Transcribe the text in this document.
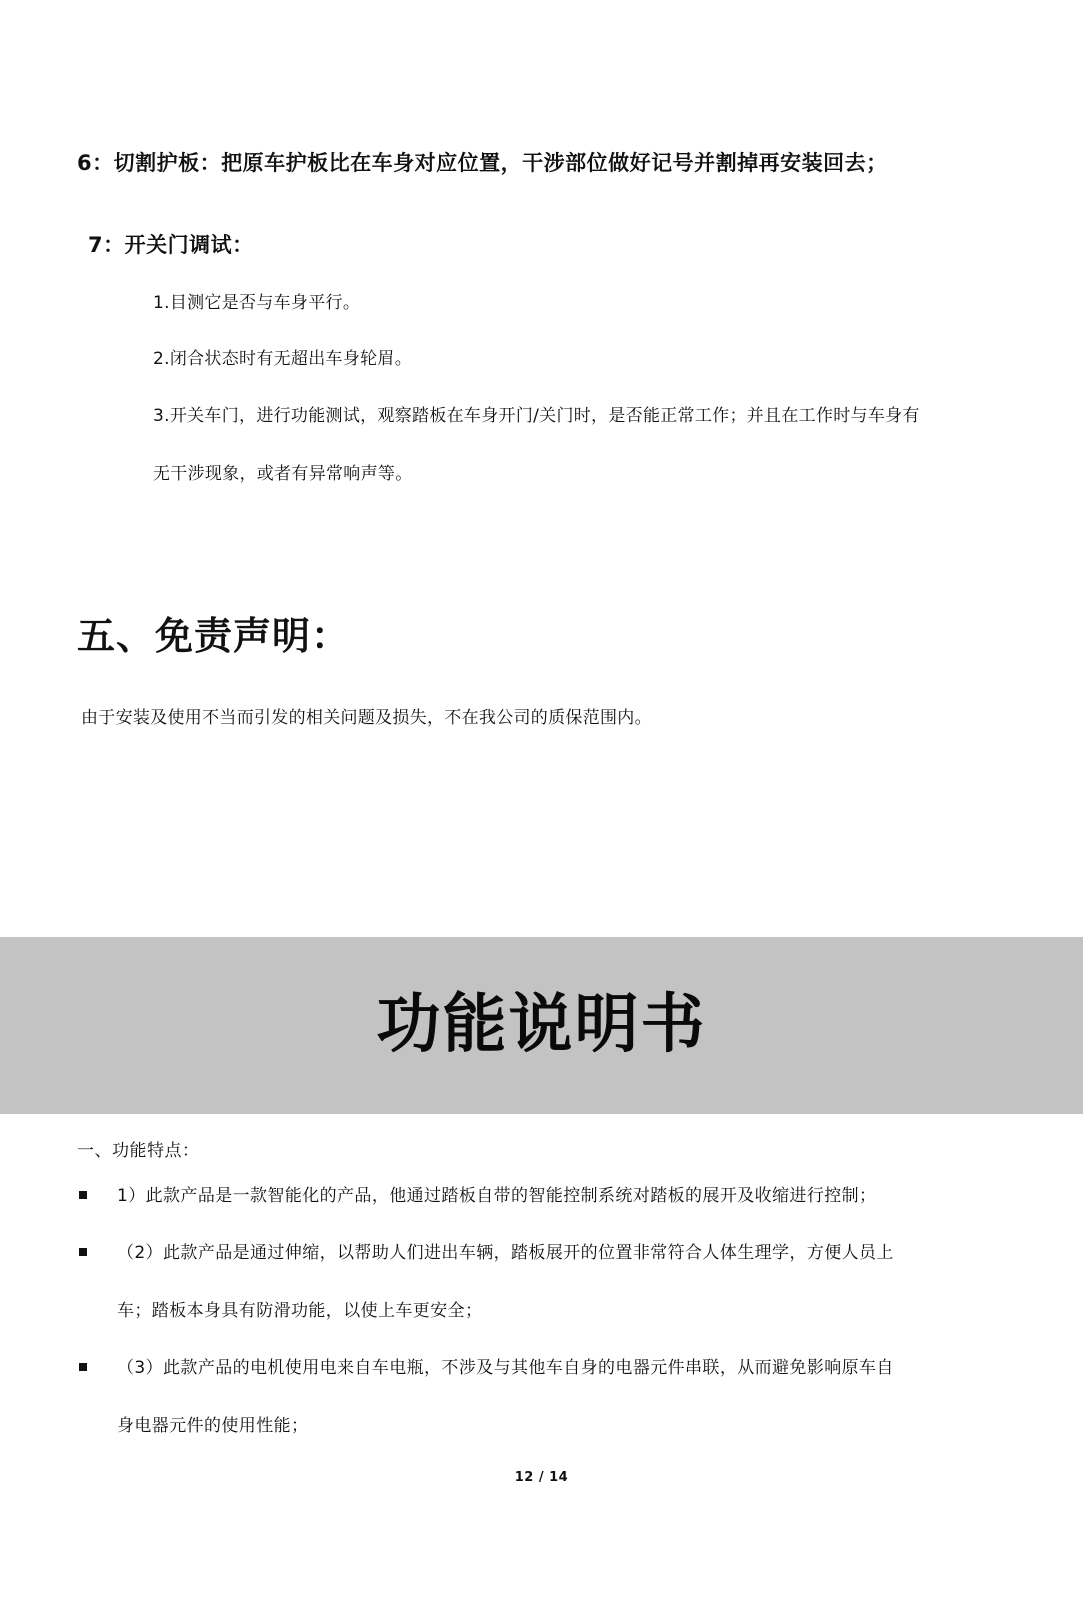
6：切割护板：把原车护板比在车身对应位置，干涉部位做好记号并割掉再安装回去；

7：开关门调试：

1.目测它是否与车身平行。

2.闭合状态时有无超出车身轮眉。

3.开关车门，进行功能测试，观察踏板在车身开门/关门时，是否能正常工作；并且在工作时与车身有

无干涉现象，或者有异常响声等。

五、免责声明：

由于安装及使用不当而引发的相关问题及损失，不在我公司的质保范围内。

功能说明书

一、功能特点：

1）此款产品是一款智能化的产品，他通过踏板自带的智能控制系统对踏板的展开及收缩进行控制；

（2）此款产品是通过伸缩，以帮助人们进出车辆，踏板展开的位置非常符合人体生理学，方便人员上

车；踏板本身具有防滑功能，以使上车更安全；

（3）此款产品的电机使用电来自车电瓶，不涉及与其他车自身的电器元件串联，从而避免影响原车自

身电器元件的使用性能；

12 / 14
